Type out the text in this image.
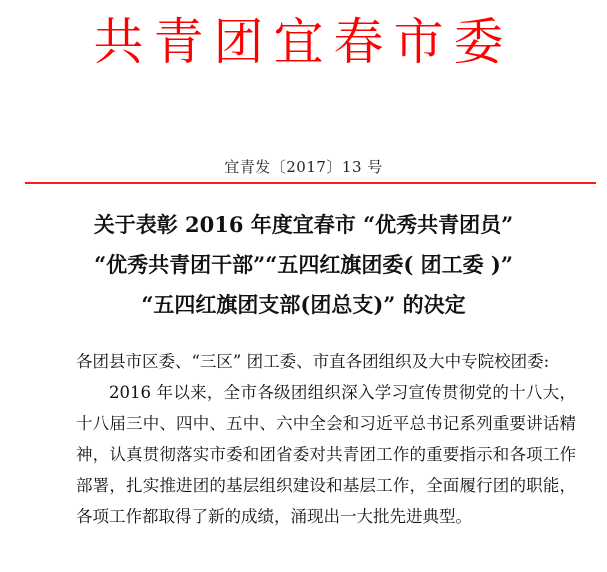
共青团宜春市委
宜青发〔2017〕13 号
关于表彰 2016 年度宜春市 “优秀共青团员”
“优秀共青团干部”“五四红旗团委( 团工委 )”
“五四红旗团支部(团总支)” 的决定

各团县市区委、“三区” 团工委、市直各团组织及大中专院校团委:

2016 年以来，全市各级团组织深入学习宣传贯彻党的十八大，十八届三中、四中、五中、六中全会和习近平总书记系列重要讲话精神，认真贯彻落实市委和团省委对共青团工作的重要指示和各项工作部署，扎实推进团的基层组织建设和基层工作，全面履行团的职能，各项工作都取得了新的成绩，涌现出一大批先进典型。
